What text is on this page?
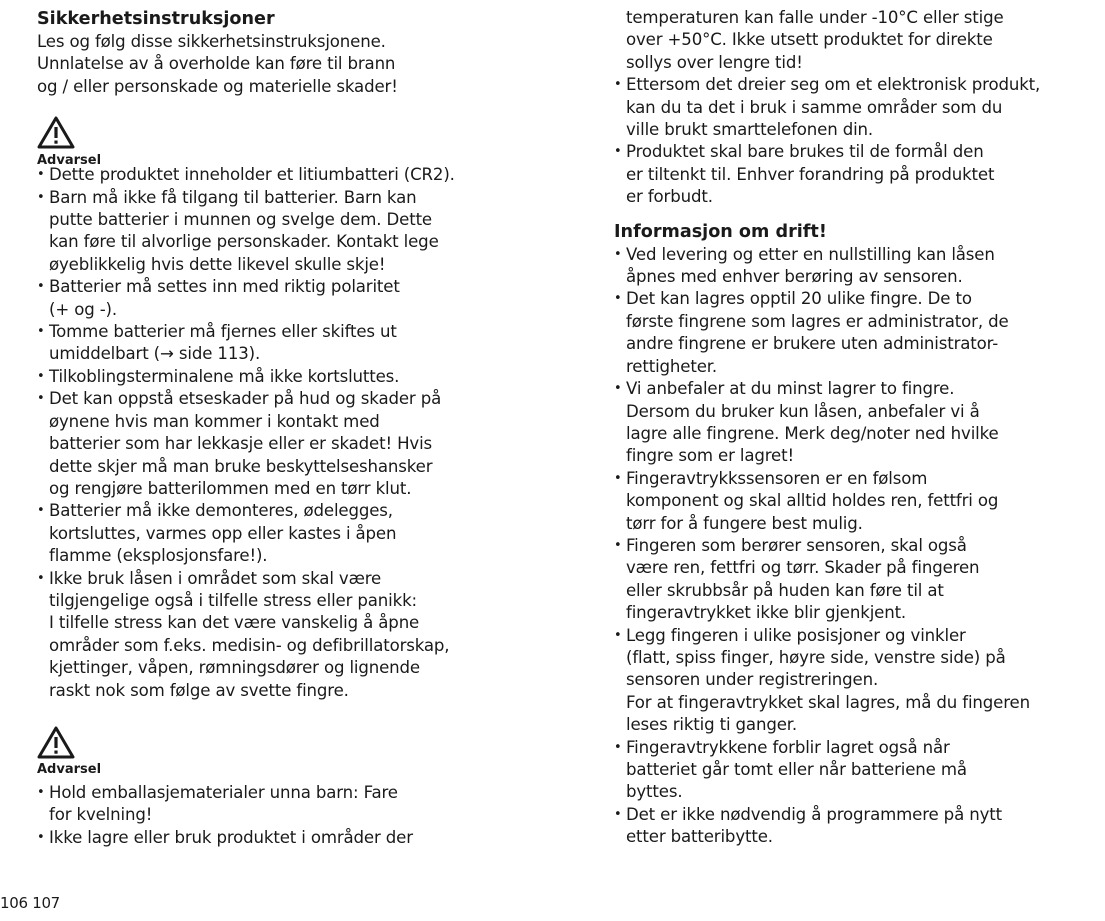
Sikkerhetsinstruksjoner
Les og følg disse sikkerhetsinstruksjonene.
Unnlatelse av å overholde kan føre til brann
og / eller personskade og materielle skader!
Advarsel
• Dette produktet inneholder et litiumbatteri (CR2).
• Barn må ikke få tilgang til batterier. Barn kan
putte batterier i munnen og svelge dem. Dette
kan føre til alvorlige personskader. Kontakt lege
øyeblikkelig hvis dette likevel skulle skje!
• Batterier må settes inn med riktig polaritet
(+ og -).
• Tomme batterier må fjernes eller skiftes ut
umiddelbart (→ side 113).
• Tilkoblingsterminalene må ikke kortsluttes.
• Det kan oppstå etseskader på hud og skader på
øynene hvis man kommer i kontakt med
batterier som har lekkasje eller er skadet! Hvis
dette skjer må man bruke beskyttelseshansker
og rengjøre batterilommen med en tørr klut.
• Batterier må ikke demonteres, ødelegges,
kortsluttes, varmes opp eller kastes i åpen
flamme (eksplosjonsfare!).
• Ikke bruk låsen i området som skal være
tilgjengelige også i tilfelle stress eller panikk:
I tilfelle stress kan det være vanskelig å åpne
områder som f.eks. medisin- og defibrillatorskap,
kjettinger, våpen, rømningsdører og lignende
raskt nok som følge av svette fingre.
Advarsel
• Hold emballasjematerialer unna barn: Fare
for kvelning!
• Ikke lagre eller bruk produktet i områder der
106 107
temperaturen kan falle under -10°C eller stige
over +50°C. Ikke utsett produktet for direkte
sollys over lengre tid!
• Ettersom det dreier seg om et elektronisk produkt,
kan du ta det i bruk i samme områder som du
ville brukt smarttelefonen din.
• Produktet skal bare brukes til de formål den
er tiltenkt til. Enhver forandring på produktet
er forbudt.
Informasjon om drift!
• Ved levering og etter en nullstilling kan låsen
åpnes med enhver berøring av sensoren.
• Det kan lagres opptil 20 ulike fingre. De to
første fingrene som lagres er administrator, de
andre fingrene er brukere uten administrator-
rettigheter.
• Vi anbefaler at du minst lagrer to fingre.
Dersom du bruker kun låsen, anbefaler vi å
lagre alle fingrene. Merk deg/noter ned hvilke
fingre som er lagret!
• Fingeravtrykkssensoren er en følsom
komponent og skal alltid holdes ren, fettfri og
tørr for å fungere best mulig.
• Fingeren som berører sensoren, skal også
være ren, fettfri og tørr. Skader på fingeren
eller skrubbsår på huden kan føre til at
fingeravtrykket ikke blir gjenkjent.
• Legg fingeren i ulike posisjoner og vinkler
(flatt, spiss finger, høyre side, venstre side) på
sensoren under registreringen.
For at fingeravtrykket skal lagres, må du fingeren
leses riktig ti ganger.
• Fingeravtrykkene forblir lagret også når
batteriet går tomt eller når batteriene må
byttes.
• Det er ikke nødvendig å programmere på nytt
etter batteribytte.
